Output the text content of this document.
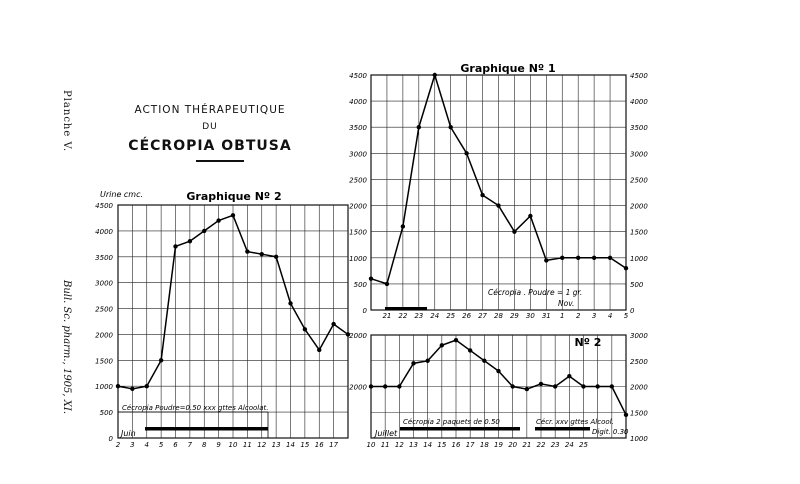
Planche V.
Bull. Sc. pharm., 1905, XI.
ACTION THÉRAPEUTIQUE
DU
CÉCROPIA OBTUSA
0
500
1000
1500
2000
2500
3000
3500
4000
4500
Urine cmc.	Graphique Nº 2
2 3 4 5 6 7 8 9 10 11 12 13 14 15 16 17
Cécropia Poudre=0.50 xxx gttes Alcoolat.
Juin
0	0
500	500
1000	1000
1500	1500
2000	2000
2500	2500
3000	3000
3500	3500
4000	4000
4500	4500
Graphique Nº 1
21 22 23 24 25 26 27 28 29 30 31 1 2 3 4 5
Cécropia . Poudre = 1 gr.
Nov.
1000
1500
2000
2500
3000
2000
2000
Nº 2
10 11 12 13 14 15 16 17 18 19 20 21 22 23 24 25
Cécropia 2 paquets de 0.50	Cécr. xxv gttes Alcool.
Digit. 0.30
Juillet
